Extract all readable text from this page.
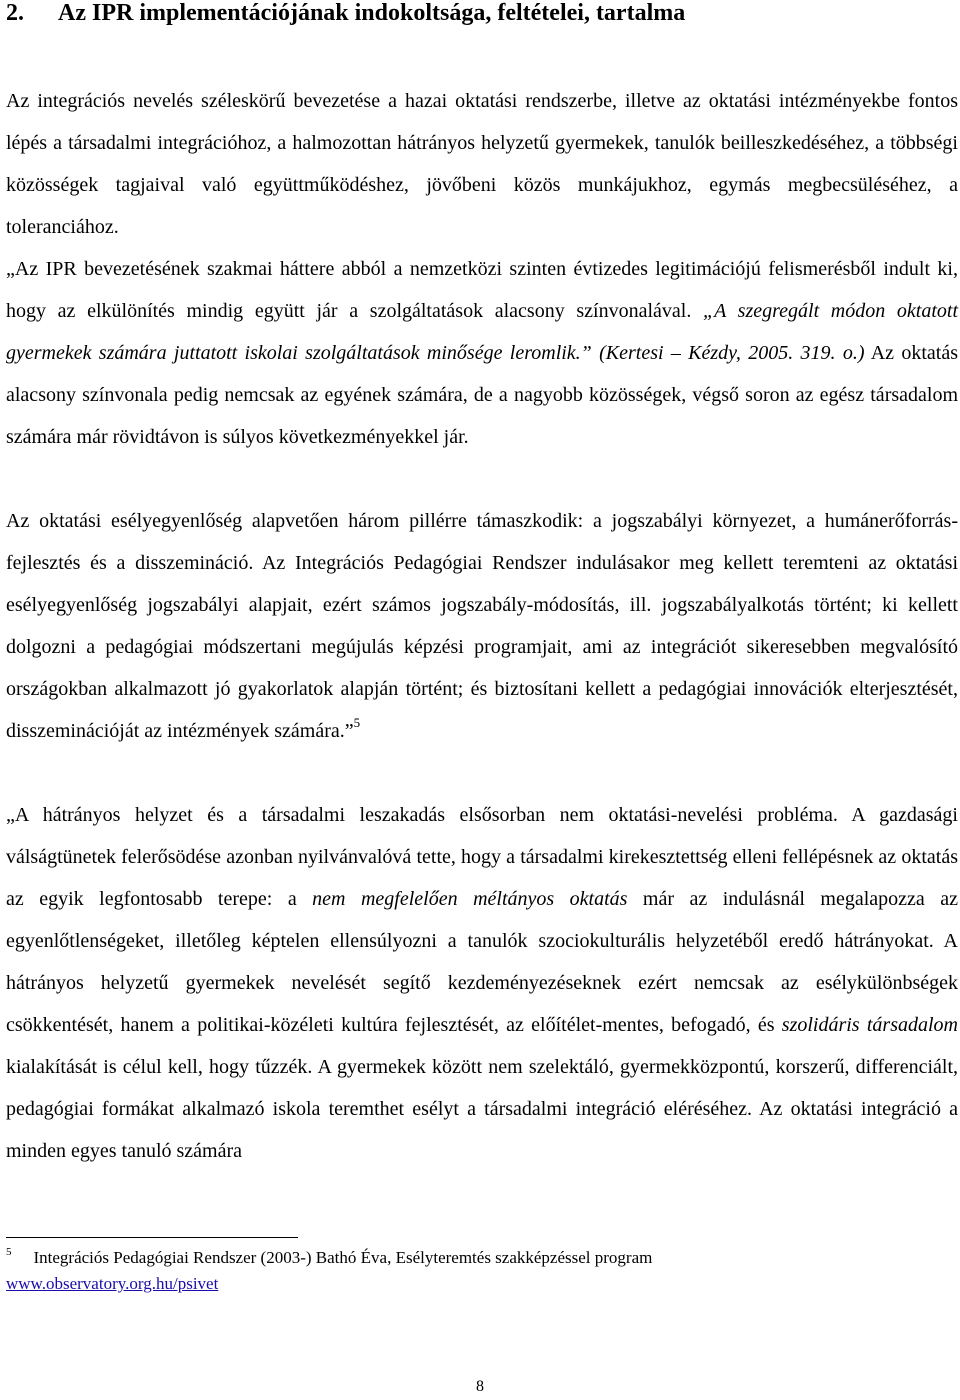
2. Az IPR implementációjának indokoltsága, feltételei, tartalma
Az integrációs nevelés széleskörű bevezetése a hazai oktatási rendszerbe, illetve az oktatási intézményekbe fontos lépés a társadalmi integrációhoz, a halmozottan hátrányos helyzetű gyermekek, tanulók beilleszkedéséhez, a többségi közösségek tagjaival való együttműködéshez, jövőbeni közös munkájukhoz, egymás megbecsüléséhez, a toleranciához.
„Az IPR bevezetésének szakmai háttere abból a nemzetközi szinten évtizedes legitimációjú felismerésből indult ki, hogy az elkülönítés mindig együtt jár a szolgáltatások alacsony színvonalával. „A szegregált módon oktatott gyermekek számára juttatott iskolai szolgáltatások minősége leromlik.” (Kertesi – Kézdy, 2005. 319. o.) Az oktatás alacsony színvonala pedig nemcsak az egyének számára, de a nagyobb közösségek, végső soron az egész társadalom számára már rövidtávon is súlyos következményekkel jár.
Az oktatási esélyegyenlőség alapvetően három pillérre támaszkodik: a jogszabályi környezet, a humánerőforrás-fejlesztés és a disszemináció. Az Integrációs Pedagógiai Rendszer indulásakor meg kellett teremteni az oktatási esélyegyenlőség jogszabályi alapjait, ezért számos jogszabály-módosítás, ill. jogszabályalkotás történt; ki kellett dolgozni a pedagógiai módszertani megújulás képzési programjait, ami az integrációt sikeresebben megvalósító országokban alkalmazott jó gyakorlatok alapján történt; és biztosítani kellett a pedagógiai innovációk elterjesztését, disszeminációját az intézmények számára.”$^5$
„A hátrányos helyzet és a társadalmi leszakadás elsősorban nem oktatási-nevelési probléma. A gazdasági válságtünetek felerősödése azonban nyilvánvalóvá tette, hogy a társadalmi kirekesztettség elleni fellépésnek az oktatás az egyik legfontosabb terepe: a nem megfelelően méltányos oktatás már az indulásnál megalapozza az egyenlőtlenségeket, illetőleg képtelen ellensúlyozni a tanulók szociokulturális helyzetéből eredő hátrányokat. A hátrányos helyzetű gyermekek nevelését segítő kezdeményezéseknek ezért nemcsak az esélykülönbségek csökkentését, hanem a politikai-közéleti kultúra fejlesztését, az előítélet-mentes, befogadó, és szolidáris társadalom kialakítását is célul kell, hogy tűzzék. A gyermekek között nem szelektáló, gyermekközpontú, korszerű, differenciált, pedagógiai formákat alkalmazó iskola teremthet esélyt a társadalmi integráció eléréséhez. Az oktatási integráció a minden egyes tanuló számára
$^5$ Integrációs Pedagógiai Rendszer (2003-) Bathó Éva, Esélyteremtés szakképzéssel program
www.observatory.org.hu/psivet
8
